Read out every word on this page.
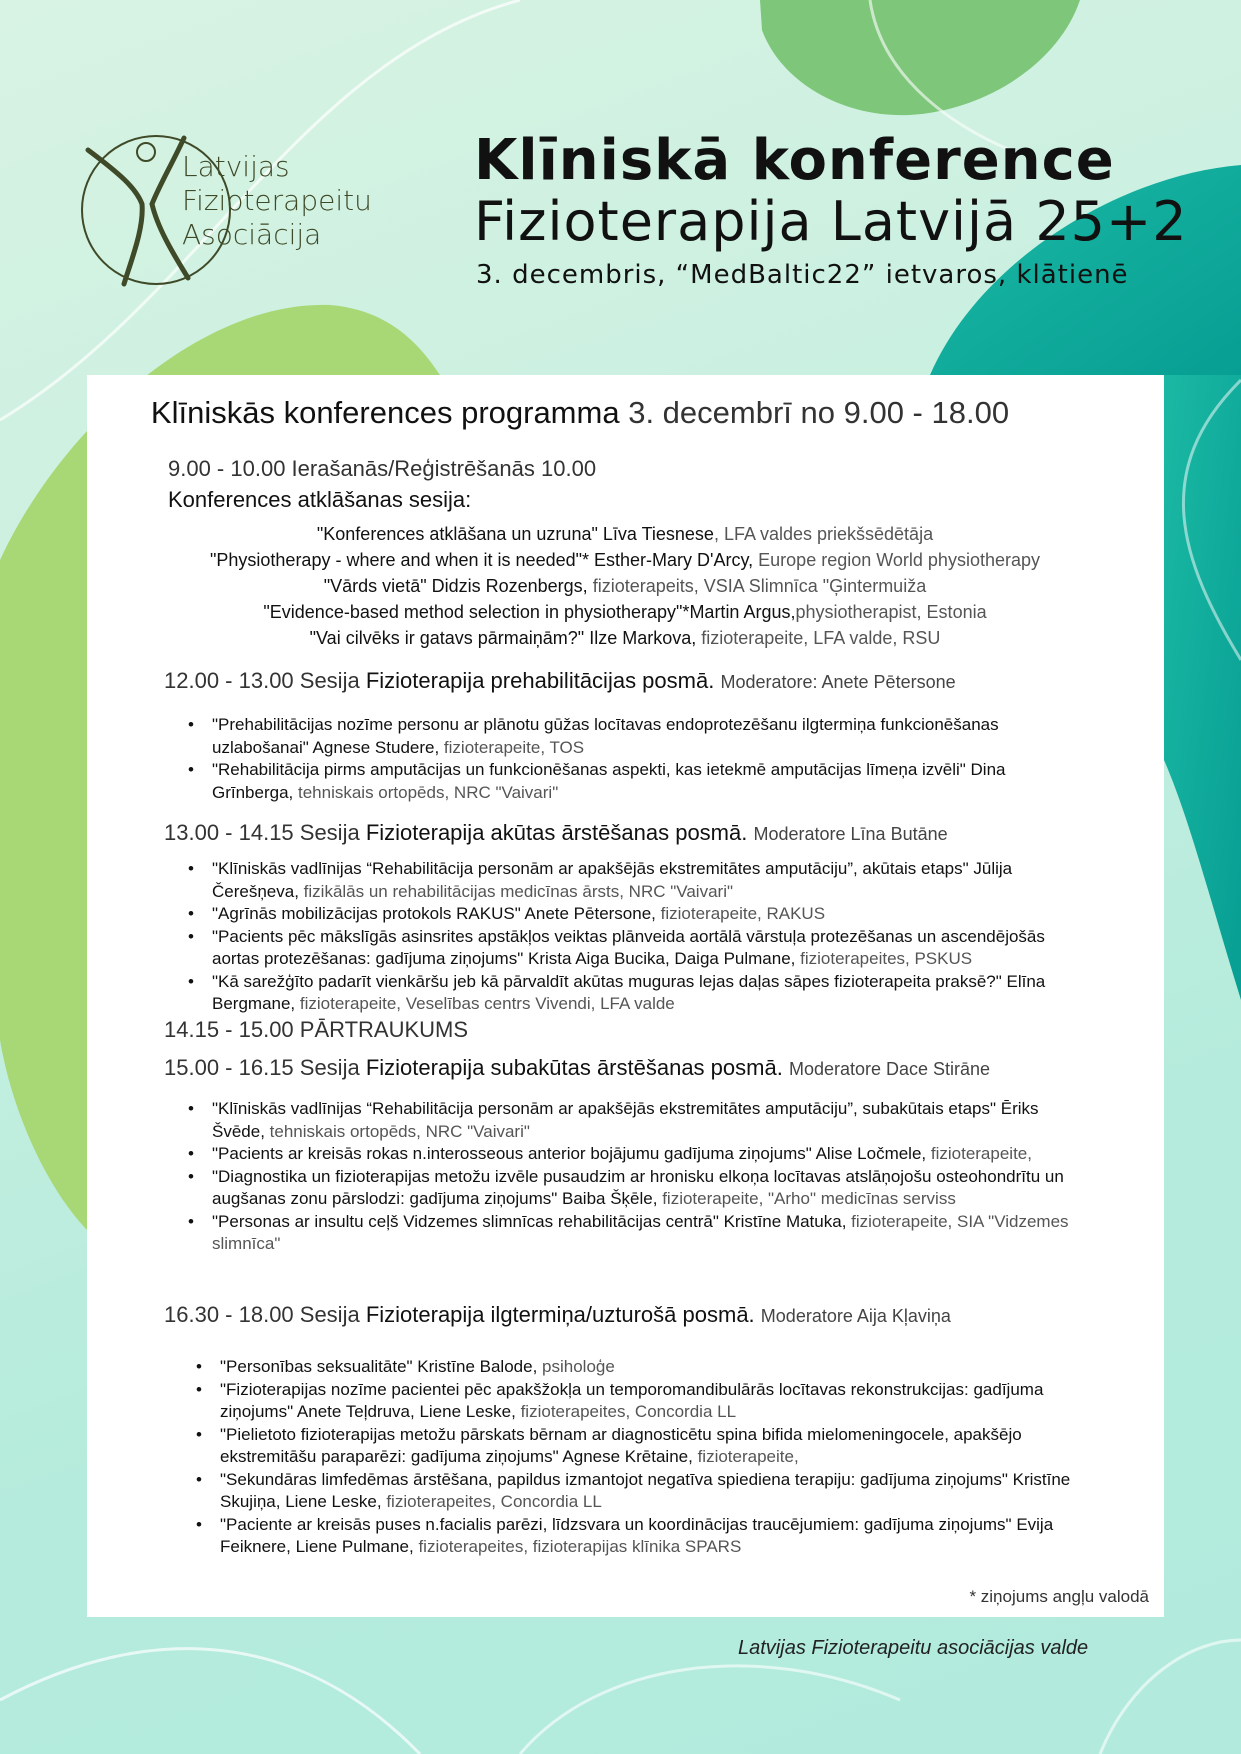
Latvijas
Fizioterapeitu
Asociācija
Klīniskā konference
Fizioterapija Latvijā 25+2
3. decembris, “MedBaltic22” ietvaros, klātienē
Klīniskās konferences programma 3. decembrī no 9.00 - 18.00
9.00 - 10.00 Ierašanās/Reģistrēšanās 10.00
Konferences atklāšanas sesija:
"Konferences atklāšana un uzruna" Līva Tiesnese, LFA valdes priekšsēdētāja
"Physiotherapy - where and when it is needed"* Esther-Mary D'Arcy, Europe region World physiotherapy
"Vārds vietā" Didzis Rozenbergs, fizioterapeits, VSIA Slimnīca "Ģintermuiža
"Evidence-based method selection in physiotherapy"*Martin Argus,physiotherapist, Estonia
"Vai cilvēks ir gatavs pārmaiņām?" Ilze Markova, fizioterapeite, LFA valde, RSU
12.00 - 13.00 Sesija Fizioterapija prehabilitācijas posmā. Moderatore: Anete Pētersone
• "Prehabilitācijas nozīme personu ar plānotu gūžas locītavas endoprotezēšanu ilgtermiņa funkcionēšanas uzlabošanai" Agnese Studere, fizioterapeite, TOS
• "Rehabilitācija pirms amputācijas un funkcionēšanas aspekti, kas ietekmē amputācijas līmeņa izvēli" Dina Grīnberga, tehniskais ortopēds, NRC "Vaivari"
13.00 - 14.15 Sesija Fizioterapija akūtas ārstēšanas posmā. Moderatore Līna Butāne
• "Klīniskās vadlīnijas “Rehabilitācija personām ar apakšējās ekstremitātes amputāciju”, akūtais etaps" Jūlija Čerešņeva, fizikālās un rehabilitācijas medicīnas ārsts, NRC "Vaivari"
• "Agrīnās mobilizācijas protokols RAKUS" Anete Pētersone, fizioterapeite, RAKUS
• "Pacients pēc mākslīgās asinsrites apstākļos veiktas plānveida aortālā vārstuļa protezēšanas un ascendējošās aortas protezēšanas: gadījuma ziņojums" Krista Aiga Bucika, Daiga Pulmane, fizioterapeites, PSKUS
• "Kā sarežģīto padarīt vienkāršu jeb kā pārvaldīt akūtas muguras lejas daļas sāpes fizioterapeita praksē?" Elīna Bergmane, fizioterapeite, Veselības centrs Vivendi, LFA valde
14.15 - 15.00 PĀRTRAUKUMS
15.00 - 16.15 Sesija Fizioterapija subakūtas ārstēšanas posmā. Moderatore Dace Stirāne
• "Klīniskās vadlīnijas “Rehabilitācija personām ar apakšējās ekstremitātes amputāciju”, subakūtais etaps" Ēriks Švēde, tehniskais ortopēds, NRC "Vaivari"
• "Pacients ar kreisās rokas n.interosseous anterior bojājumu gadījuma ziņojums" Alise Ločmele, fizioterapeite,
• "Diagnostika un fizioterapijas metožu izvēle pusaudzim ar hronisku elkoņa locītavas atslāņojošu osteohondrītu un augšanas zonu pārslodzi: gadījuma ziņojums" Baiba Šķēle, fizioterapeite, "Arho" medicīnas serviss
• "Personas ar insultu ceļš Vidzemes slimnīcas rehabilitācijas centrā" Kristīne Matuka, fizioterapeite, SIA "Vidzemes slimnīca"
16.30 - 18.00 Sesija Fizioterapija ilgtermiņa/uzturošā posmā. Moderatore Aija Kļaviņa
• "Personības seksualitāte" Kristīne Balode, psiholoģe
• "Fizioterapijas nozīme pacientei pēc apakšžokļa un temporomandibulārās locītavas rekonstrukcijas: gadījuma ziņojums" Anete Teļdruva, Liene Leske, fizioterapeites, Concordia LL
• "Pielietoto fizioterapijas metožu pārskats bērnam ar diagnosticētu spina bifida mielomeningocele, apakšējo ekstremitāšu paraparēzi: gadījuma ziņojums" Agnese Krētaine, fizioterapeite,
• "Sekundāras limfedēmas ārstēšana, papildus izmantojot negatīva spiediena terapiju: gadījuma ziņojums" Kristīne Skujiņa, Liene Leske, fizioterapeites, Concordia LL
• "Paciente ar kreisās puses n.facialis parēzi, līdzsvara un koordinācijas traucējumiem: gadījuma ziņojums" Evija Feiknere, Liene Pulmane, fizioterapeites, fizioterapijas klīnika SPARS
* ziņojums angļu valodā
Latvijas Fizioterapeitu asociācijas valde
